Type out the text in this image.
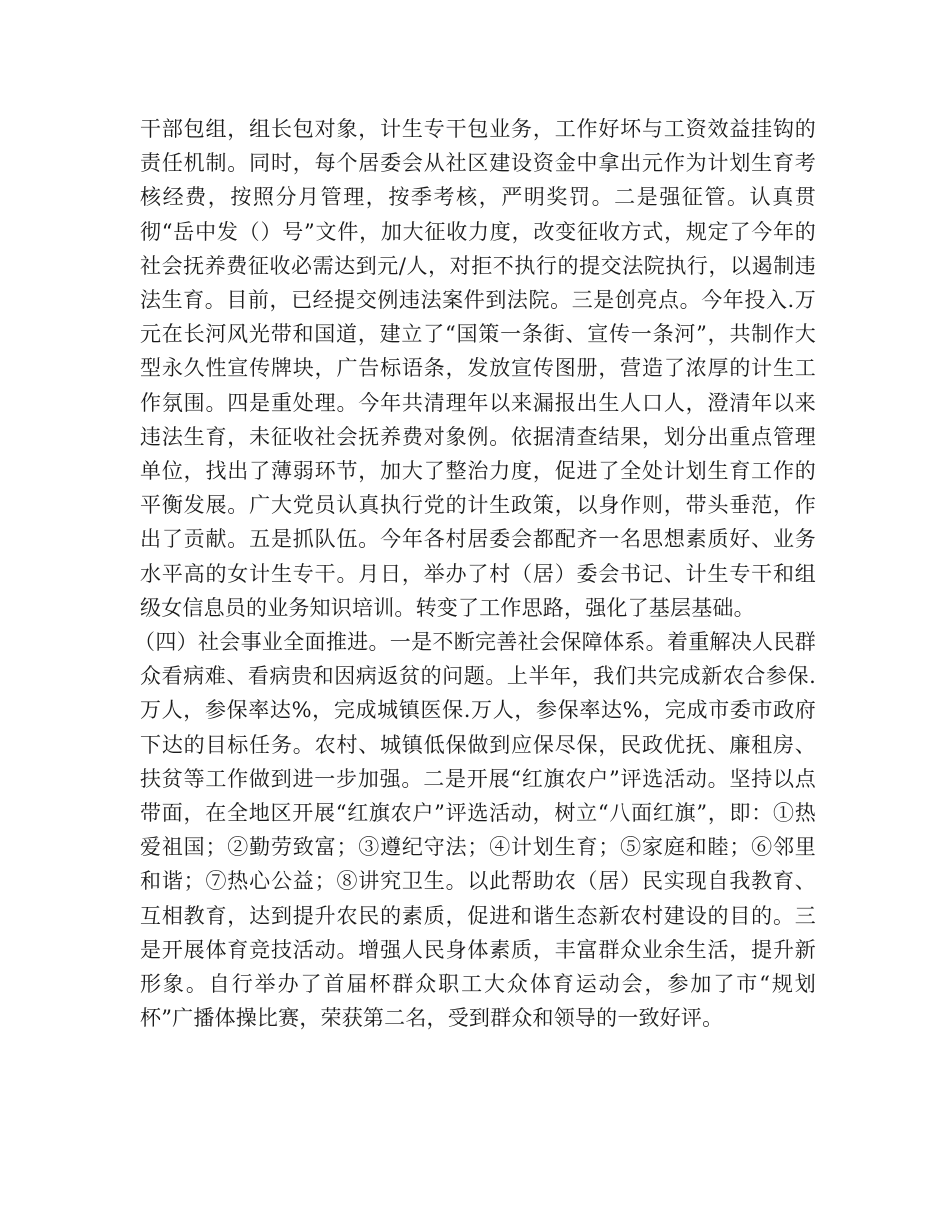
干部包组，组长包对象，计生专干包业务，工作好坏与工资效益挂钩的责任机制。同时，每个居委会从社区建设资金中拿出元作为计划生育考核经费，按照分月管理，按季考核，严明奖罚。二是强征管。认真贯彻“岳中发（）号”文件，加大征收力度，改变征收方式，规定了今年的社会抚养费征收必需达到元/人，对拒不执行的提交法院执行，以遏制违法生育。目前，已经提交例违法案件到法院。三是创亮点。今年投入.万元在长河风光带和国道，建立了“国策一条街、宣传一条河”，共制作大型永久性宣传牌块，广告标语条，发放宣传图册，营造了浓厚的计生工作氛围。四是重处理。今年共清理年以来漏报出生人口人，澄清年以来违法生育，未征收社会抚养费对象例。依据清查结果，划分出重点管理单位，找出了薄弱环节，加大了整治力度，促进了全处计划生育工作的平衡发展。广大党员认真执行党的计生政策，以身作则，带头垂范，作出了贡献。五是抓队伍。今年各村居委会都配齐一名思想素质好、业务水平高的女计生专干。月日，举办了村（居）委会书记、计生专干和组级女信息员的业务知识培训。转变了工作思路，强化了基层基础。

（四）社会事业全面推进。一是不断完善社会保障体系。着重解决人民群众看病难、看病贵和因病返贫的问题。上半年，我们共完成新农合参保.万人，参保率达%，完成城镇医保.万人，参保率达%，完成市委市政府下达的目标任务。农村、城镇低保做到应保尽保，民政优抚、廉租房、扶贫等工作做到进一步加强。二是开展“红旗农户”评选活动。坚持以点带面，在全地区开展“红旗农户”评选活动，树立“八面红旗”，即：①热爱祖国；②勤劳致富；③遵纪守法；④计划生育；⑤家庭和睦；⑥邻里和谐；⑦热心公益；⑧讲究卫生。以此帮助农（居）民实现自我教育、互相教育，达到提升农民的素质，促进和谐生态新农村建设的目的。三是开展体育竞技活动。增强人民身体素质，丰富群众业余生活，提升新形象。自行举办了首届杯群众职工大众体育运动会，参加了市“规划杯”广播体操比赛，荣获第二名，受到群众和领导的一致好评。
